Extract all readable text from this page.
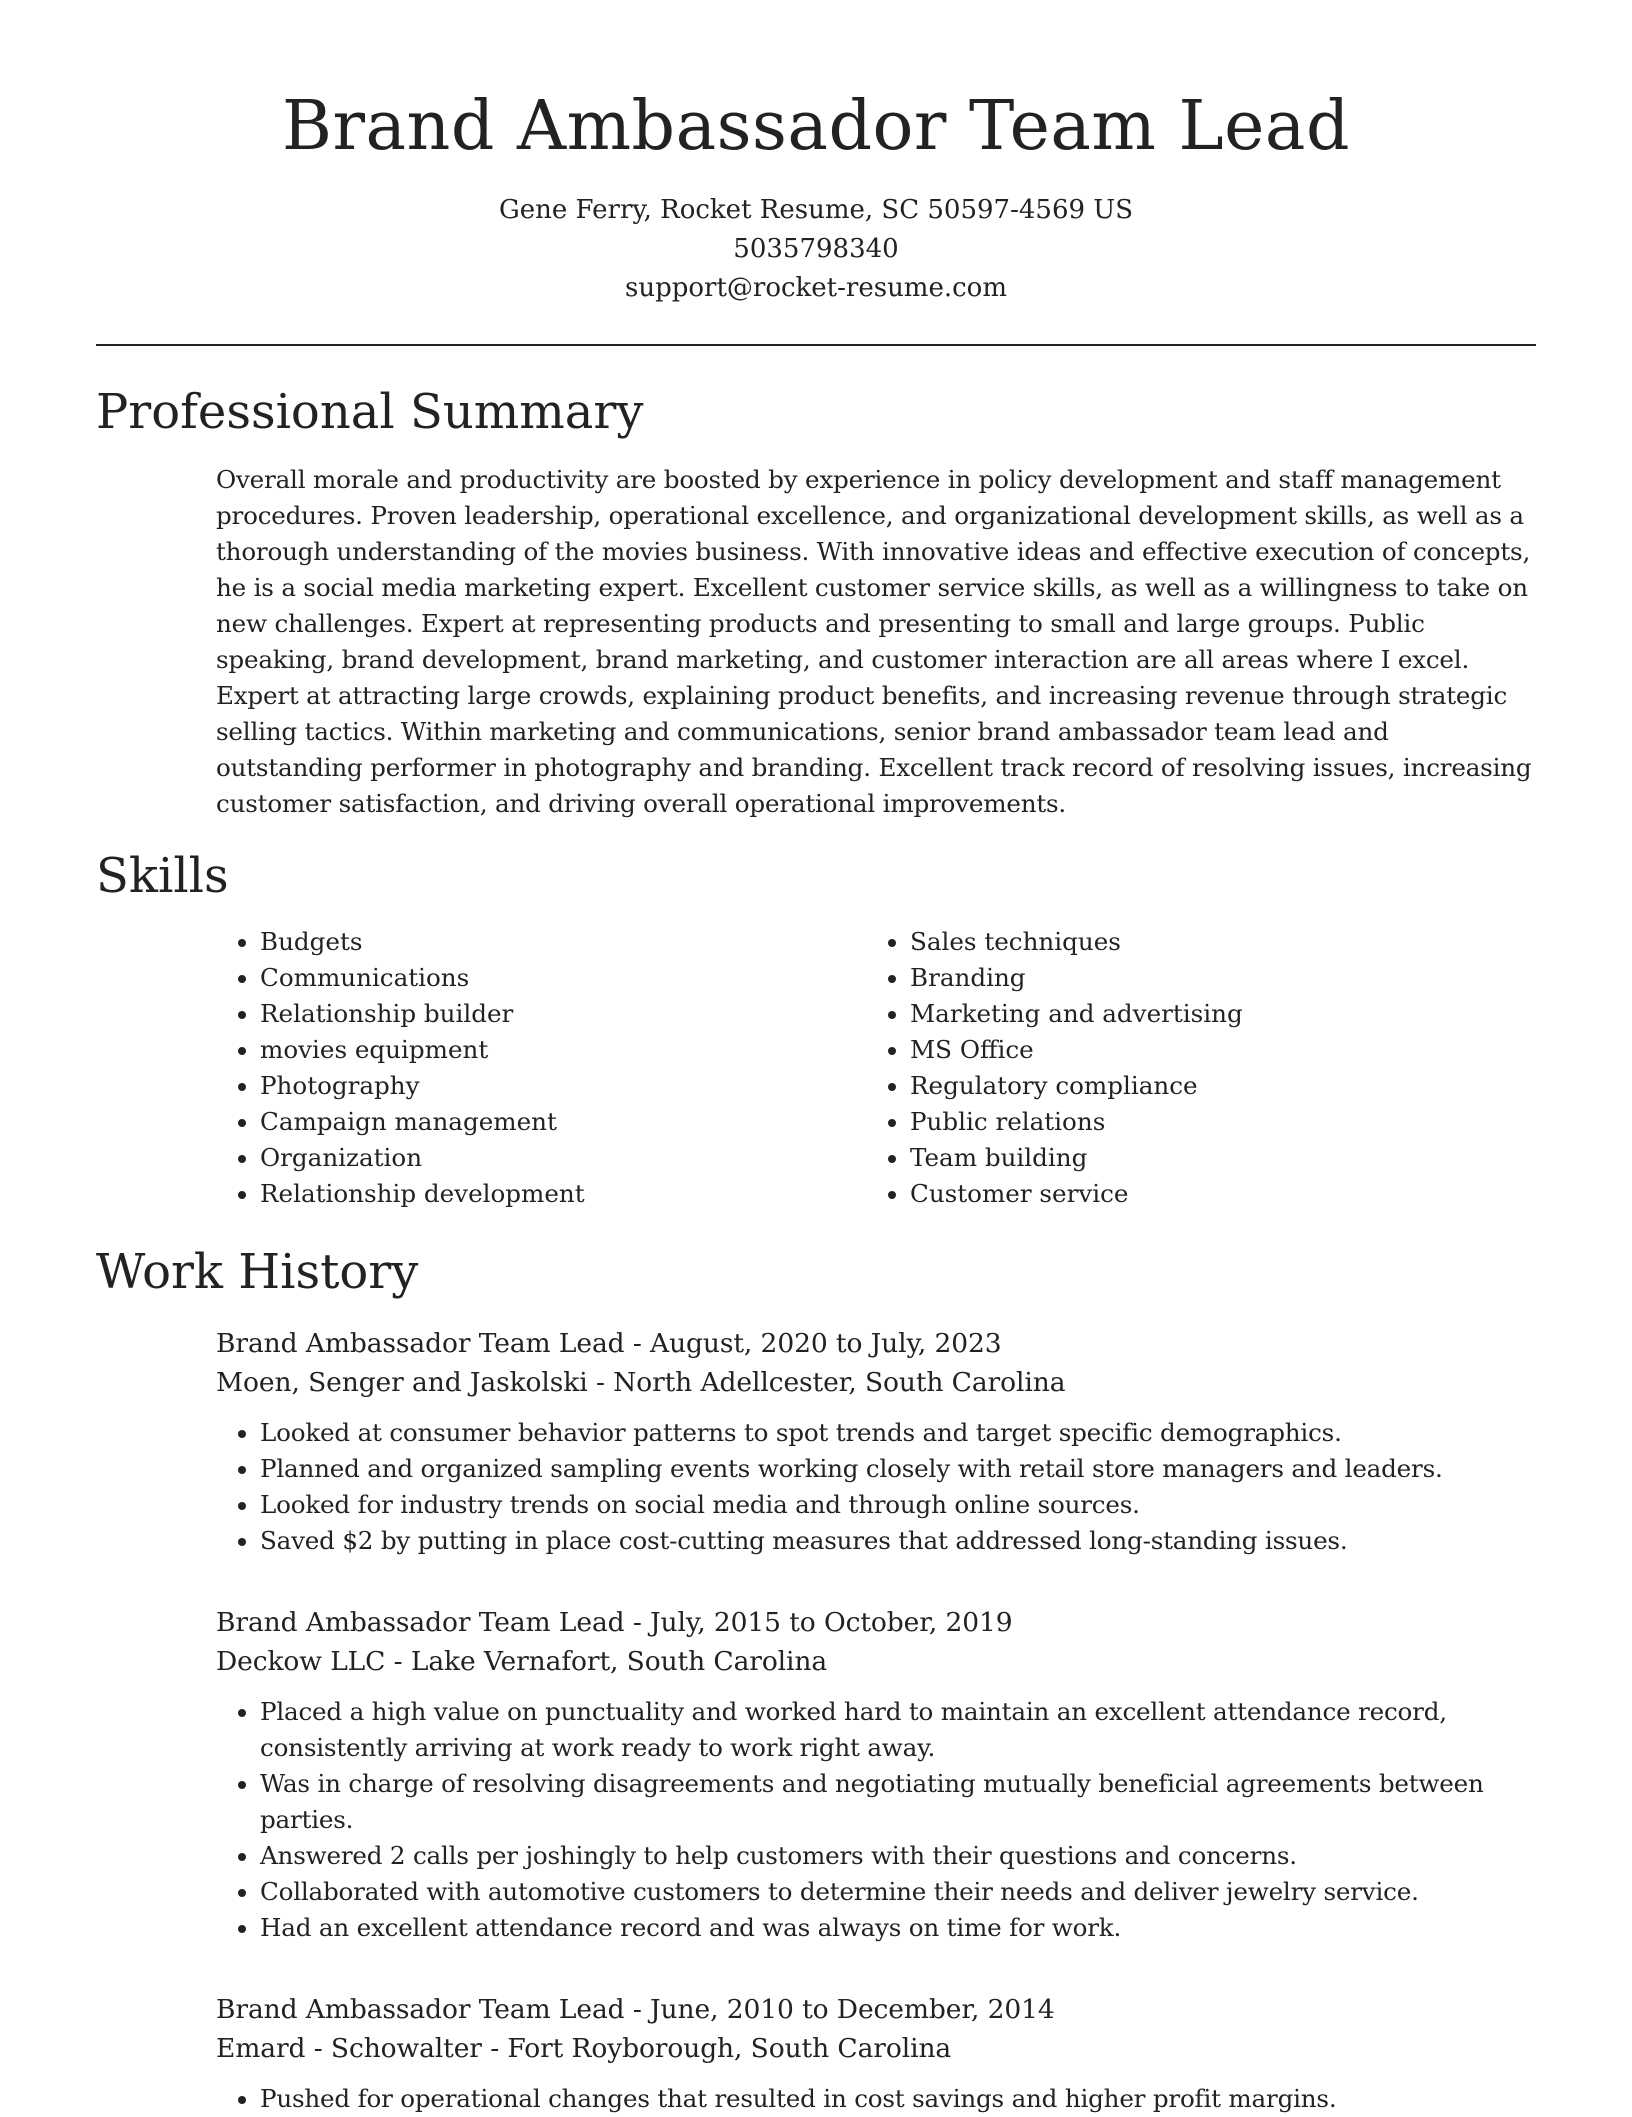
Brand Ambassador Team Lead
Gene Ferry, Rocket Resume, SC 50597-4569 US
5035798340
support@rocket-resume.com
Professional Summary

Overall morale and productivity are boosted by experience in policy development and staff management procedures. Proven leadership, operational excellence, and organizational development skills, as well as a thorough understanding of the movies business. With innovative ideas and effective execution of concepts, he is a social media marketing expert. Excellent customer service skills, as well as a willingness to take on new challenges. Expert at representing products and presenting to small and large groups. Public speaking, brand development, brand marketing, and customer interaction are all areas where I excel. Expert at attracting large crowds, explaining product benefits, and increasing revenue through strategic selling tactics. Within marketing and communications, senior brand ambassador team lead and outstanding performer in photography and branding. Excellent track record of resolving issues, increasing customer satisfaction, and driving overall operational improvements.

Skills
• Budgets
• Communications
• Relationship builder
• movies equipment
• Photography
• Campaign management
• Organization
• Relationship development
• Sales techniques
• Branding
• Marketing and advertising
• MS Office
• Regulatory compliance
• Public relations
• Team building
• Customer service
Work History
Brand Ambassador Team Lead - August, 2020 to July, 2023
Moen, Senger and Jaskolski - North Adellcester, South Carolina
• Looked at consumer behavior patterns to spot trends and target specific demographics.
• Planned and organized sampling events working closely with retail store managers and leaders.
• Looked for industry trends on social media and through online sources.
• Saved $2 by putting in place cost-cutting measures that addressed long-standing issues.
Brand Ambassador Team Lead - July, 2015 to October, 2019
Deckow LLC - Lake Vernafort, South Carolina
• Placed a high value on punctuality and worked hard to maintain an excellent attendance record, consistently arriving at work ready to work right away.
• Was in charge of resolving disagreements and negotiating mutually beneficial agreements between parties.
• Answered 2 calls per joshingly to help customers with their questions and concerns.
• Collaborated with automotive customers to determine their needs and deliver jewelry service.
• Had an excellent attendance record and was always on time for work.
Brand Ambassador Team Lead - June, 2010 to December, 2014
Emard - Schowalter - Fort Royborough, South Carolina
• Pushed for operational changes that resulted in cost savings and higher profit margins.
